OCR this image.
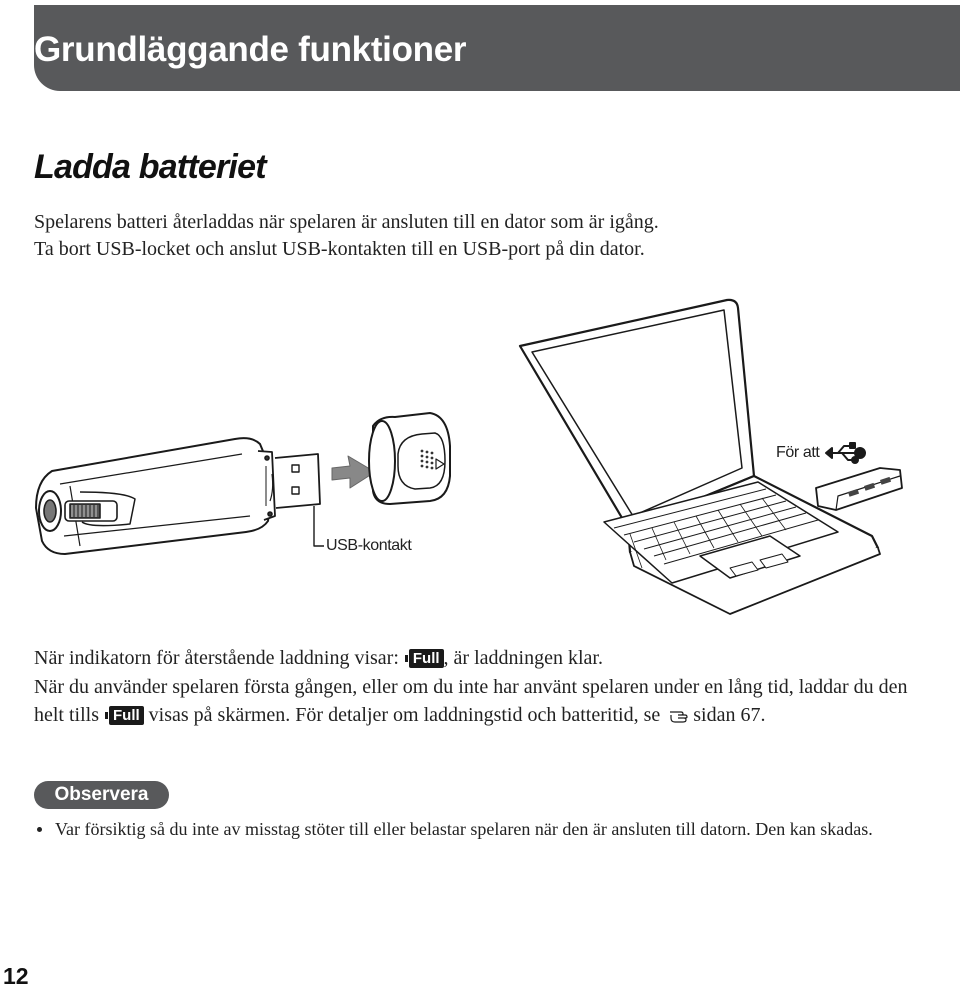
Grundläggande funktioner
Ladda batteriet
Spelarens batteri återladdas när spelaren är ansluten till en dator som är igång.
Ta bort USB-locket och anslut USB-kontakten till en USB-port på din dator.
USB-kontakt
För att
När indikatorn för återstående laddning visar: Full , är laddningen klar.
När du använder spelaren första gången, eller om du inte har använt spelaren under en lång tid, laddar du den helt tills Full visas på skärmen. För detaljer om laddningstid och batteritid, se sidan 67.
Observera
Var försiktig så du inte av misstag stöter till eller belastar spelaren när den är ansluten till datorn. Den kan skadas.
12
